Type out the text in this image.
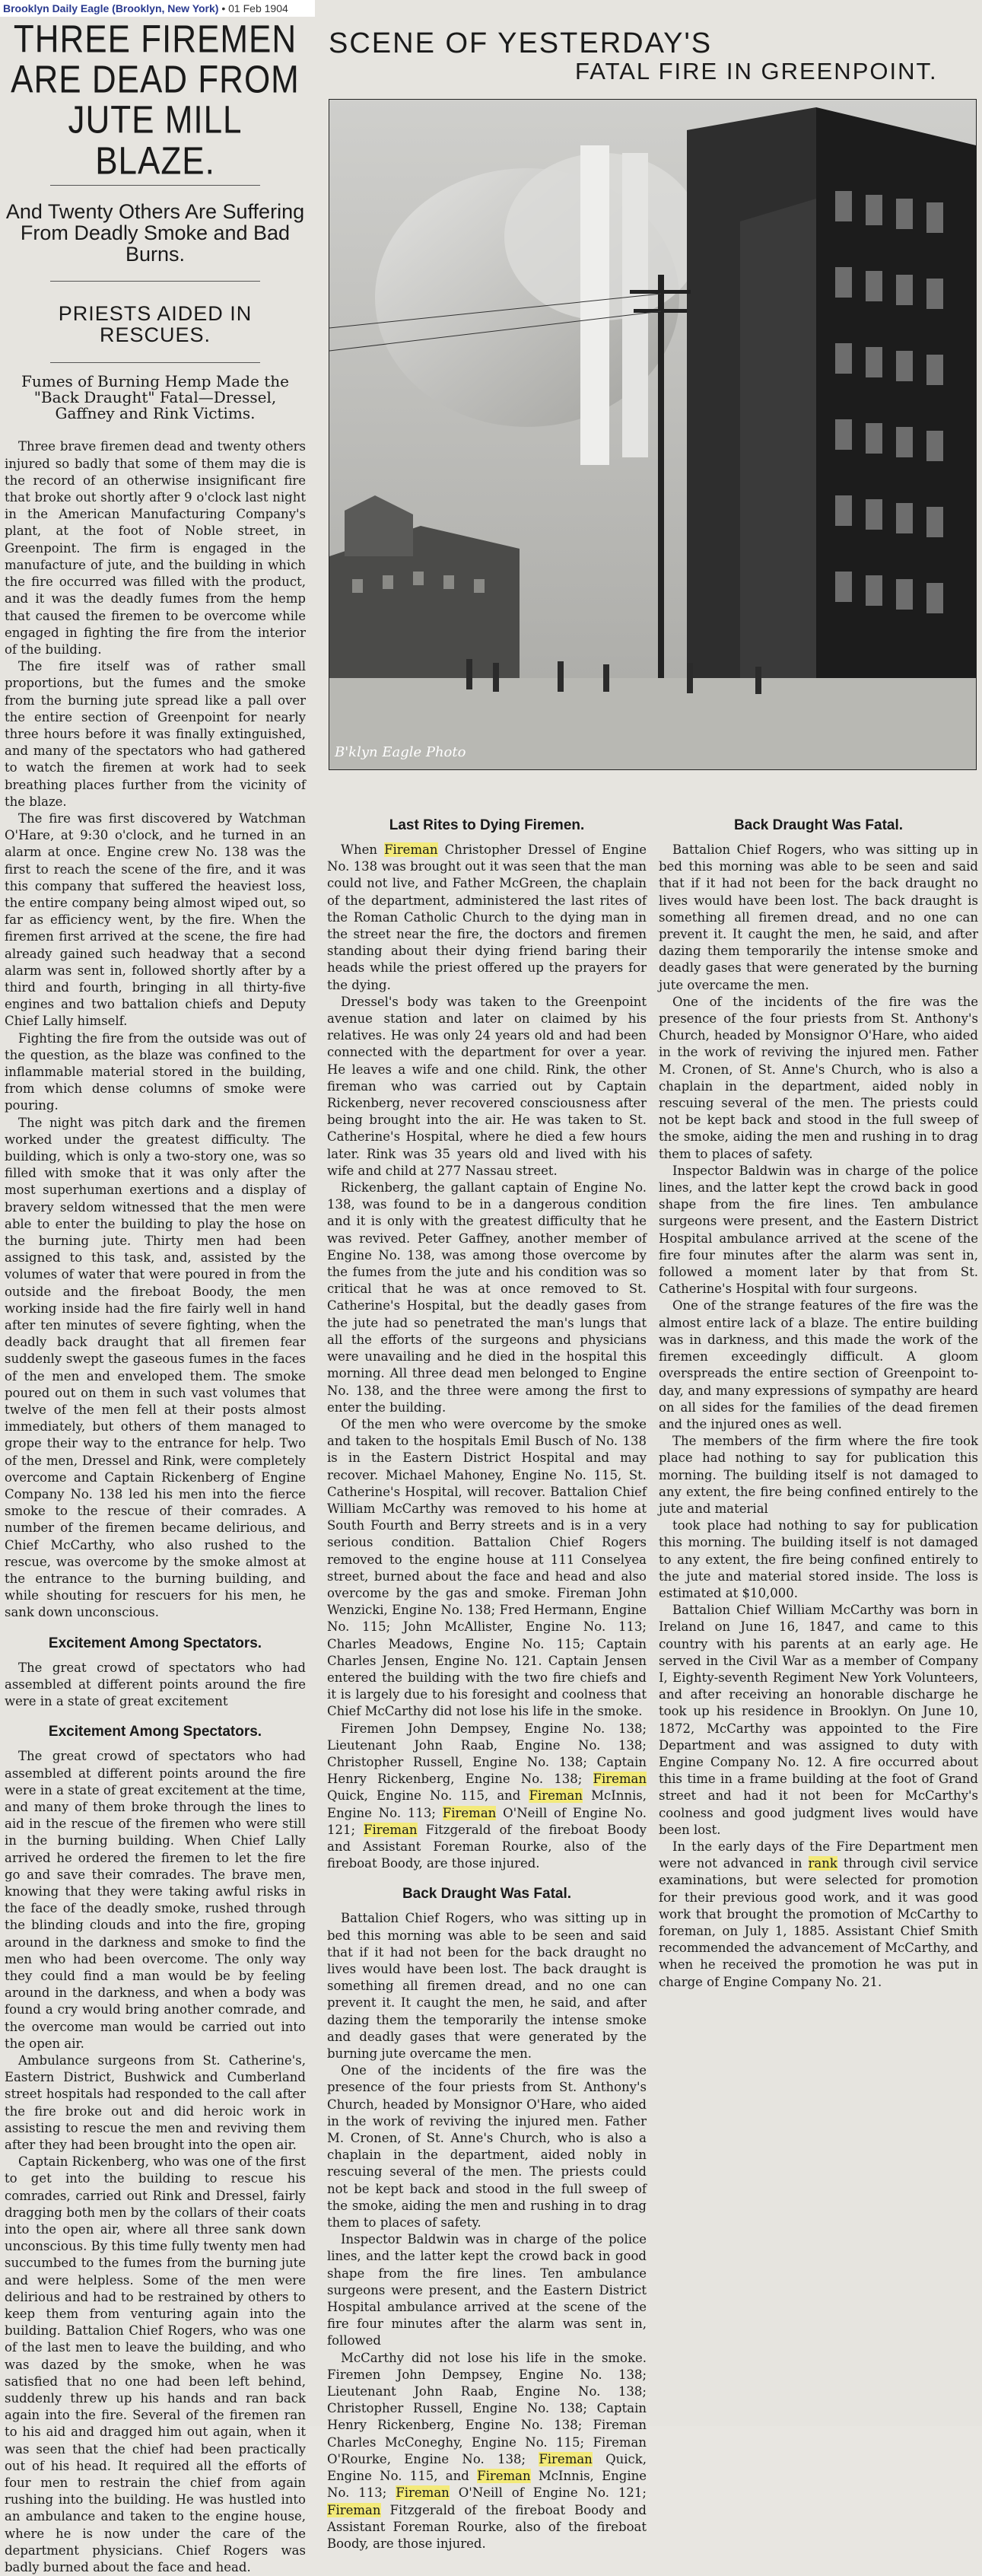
Brooklyn Daily Eagle (Brooklyn, New York) • 01 Feb 1904
THREE FIREMEN ARE DEAD FROM JUTE MILL BLAZE.
And Twenty Others Are Suffering From Deadly Smoke and Bad Burns.
PRIESTS AIDED IN RESCUES.
Fumes of Burning Hemp Made the "Back Draught" Fatal—Dressel, Gaffney and Rink Victims.

Three brave firemen dead and twenty others injured so badly that some of them may die is the record of an otherwise insignificant fire that broke out shortly after 9 o'clock last night in the American Manufacturing Company's plant, at the foot of Noble street, in Greenpoint. The firm is engaged in the manufacture of jute, and the building in which the fire occurred was filled with the product, and it was the deadly fumes from the hemp that caused the firemen to be overcome while engaged in fighting the fire from the interior of the building.

The fire itself was of rather small proportions, but the fumes and the smoke from the burning jute spread like a pall over the entire section of Greenpoint for nearly three hours before it was finally extinguished, and many of the spectators who had gathered to watch the firemen at work had to seek breathing places further from the vicinity of the blaze.

The fire was first discovered by Watchman O'Hare, at 9:30 o'clock, and he turned in an alarm at once. Engine crew No. 138 was the first to reach the scene of the fire, and it was this company that suffered the heaviest loss, the entire company being almost wiped out, so far as efficiency went, by the fire. When the firemen first arrived at the scene, the fire had already gained such headway that a second alarm was sent in, followed shortly after by a third and fourth, bringing in all thirty-five engines and two battalion chiefs and Deputy Chief Lally himself.

Fighting the fire from the outside was out of the question, as the blaze was confined to the inflammable material stored in the building, from which dense columns of smoke were pouring.

The night was pitch dark and the firemen worked under the greatest difficulty. The building, which is only a two-story one, was so filled with smoke that it was only after the most superhuman exertions and a display of bravery seldom witnessed that the men were able to enter the building to play the hose on the burning jute. Thirty men had been assigned to this task, and, assisted by the volumes of water that were poured in from the outside and the fireboat Boody, the men working inside had the fire fairly well in hand after ten minutes of severe fighting, when the deadly back draught that all firemen fear suddenly swept the gaseous fumes in the faces of the men and enveloped them. The smoke poured out on them in such vast volumes that twelve of the men fell at their posts almost immediately, but others of them managed to grope their way to the entrance for help. Two of the men, Dressel and Rink, were completely overcome and Captain Rickenberg of Engine Company No. 138 led his men into the fierce smoke to the rescue of their comrades. A number of the firemen became delirious, and Chief McCarthy, who also rushed to the rescue, was overcome by the smoke almost at the entrance to the burning building, and while shouting for rescuers for his men, he sank down unconscious.

Excitement Among Spectators.

The great crowd of spectators who had assembled at different points around the fire were in a state of great excitement

Excitement Among Spectators.

The great crowd of spectators who had assembled at different points around the fire were in a state of great excitement at the time, and many of them broke through the lines to aid in the rescue of the firemen who were still in the burning building. When Chief Lally arrived he ordered the firemen to let the fire go and save their comrades. The brave men, knowing that they were taking awful risks in the face of the deadly smoke, rushed through the blinding clouds and into the fire, groping around in the darkness and smoke to find the men who had been overcome. The only way they could find a man would be by feeling around in the darkness, and when a body was found a cry would bring another comrade, and the overcome man would be carried out into the open air.

Ambulance surgeons from St. Catherine's, Eastern District, Bushwick and Cumberland street hospitals had responded to the call after the fire broke out and did heroic work in assisting to rescue the men and reviving them after they had been brought into the open air.

Captain Rickenberg, who was one of the first to get into the building to rescue his comrades, carried out Rink and Dressel, fairly dragging both men by the collars of their coats into the open air, where all three sank down unconscious. By this time fully twenty men had succumbed to the fumes from the burning jute and were helpless. Some of the men were delirious and had to be restrained by others to keep them from venturing again into the building. Battalion Chief Rogers, who was one of the last men to leave the building, and who was dazed by the smoke, when he was satisfied that no one had been left behind, suddenly threw up his hands and ran back again into the fire. Several of the firemen ran to his aid and dragged him out again, when it was seen that the chief had been practically out of his head. It required all the efforts of four men to restrain the chief from again rushing into the building. He was hustled into an ambulance and taken to the engine house, where he is now under the care of the department physicians. Chief Rogers was badly burned about the face and head.

SCENE OF YESTERDAY'S
FATAL FIRE IN GREENPOINT.
B'klyn Eagle Photo
Last Rites to Dying Firemen.

When Fireman Christopher Dressel of Engine No. 138 was brought out it was seen that the man could not live, and Father McGreen, the chaplain of the department, administered the last rites of the Roman Catholic Church to the dying man in the street near the fire, the doctors and firemen standing about their dying friend baring their heads while the priest offered up the prayers for the dying.

Dressel's body was taken to the Greenpoint avenue station and later on claimed by his relatives. He was only 24 years old and had been connected with the department for over a year. He leaves a wife and one child. Rink, the other fireman who was carried out by Captain Rickenberg, never recovered consciousness after being brought into the air. He was taken to St. Catherine's Hospital, where he died a few hours later. Rink was 35 years old and lived with his wife and child at 277 Nassau street.

Rickenberg, the gallant captain of Engine No. 138, was found to be in a dangerous condition and it is only with the greatest difficulty that he was revived. Peter Gaffney, another member of Engine No. 138, was among those overcome by the fumes from the jute and his condition was so critical that he was at once removed to St. Catherine's Hospital, but the deadly gases from the jute had so penetrated the man's lungs that all the efforts of the surgeons and physicians were unavailing and he died in the hospital this morning. All three dead men belonged to Engine No. 138, and the three were among the first to enter the building.

Of the men who were overcome by the smoke and taken to the hospitals Emil Busch of No. 138 is in the Eastern District Hospital and may recover. Michael Mahoney, Engine No. 115, St. Catherine's Hospital, will recover. Battalion Chief William McCarthy was removed to his home at South Fourth and Berry streets and is in a very serious condition. Battalion Chief Rogers removed to the engine house at 111 Conselyea street, burned about the face and head and also overcome by the gas and smoke. Fireman John Wenzicki, Engine No. 138; Fred Hermann, Engine No. 115; John McAllister, Engine No. 113; Charles Meadows, Engine No. 115; Captain Charles Jensen, Engine No. 121. Captain Jensen entered the building with the two fire chiefs and it is largely due to his foresight and coolness that Chief McCarthy did not lose his life in the smoke.

Firemen John Dempsey, Engine No. 138; Lieutenant John Raab, Engine No. 138; Christopher Russell, Engine No. 138; Captain Henry Rickenberg, Engine No. 138; Fireman Quick, Engine No. 115, and Fireman McInnis, Engine No. 113; Fireman O'Neill of Engine No. 121; Fireman Fitzgerald of the fireboat Boody and Assistant Foreman Rourke, also of the fireboat Boody, are those injured.

Back Draught Was Fatal.

Battalion Chief Rogers, who was sitting up in bed this morning was able to be seen and said that if it had not been for the back draught no lives would have been lost. The back draught is something all firemen dread, and no one can prevent it. It caught the men, he said, and after dazing them the temporarily the intense smoke and deadly gases that were generated by the burning jute overcame the men.

One of the incidents of the fire was the presence of the four priests from St. Anthony's Church, headed by Monsignor O'Hare, who aided in the work of reviving the injured men. Father M. Cronen, of St. Anne's Church, who is also a chaplain in the department, aided nobly in rescuing several of the men. The priests could not be kept back and stood in the full sweep of the smoke, aiding the men and rushing in to drag them to places of safety.

Inspector Baldwin was in charge of the police lines, and the latter kept the crowd back in good shape from the fire lines. Ten ambulance surgeons were present, and the Eastern District Hospital ambulance arrived at the scene of the fire four minutes after the alarm was sent in, followed

McCarthy did not lose his life in the smoke. Firemen John Dempsey, Engine No. 138; Lieutenant John Raab, Engine No. 138; Christopher Russell, Engine No. 138; Captain Henry Rickenberg, Engine No. 138; Fireman Charles McConeghy, Engine No. 115; Fireman O'Rourke, Engine No. 138; Fireman Quick, Engine No. 115, and Fireman McInnis, Engine No. 113; Fireman O'Neill of Engine No. 121; Fireman Fitzgerald of the fireboat Boody and Assistant Foreman Rourke, also of the fireboat Boody, are those injured.

Back Draught Was Fatal.

Battalion Chief Rogers, who was sitting up in bed this morning was able to be seen and said that if it had not been for the back draught no lives would have been lost. The back draught is something all firemen dread, and no one can prevent it. It caught the men, he said, and after dazing them temporarily the intense smoke and deadly gases that were generated by the burning jute overcame the men.

One of the incidents of the fire was the presence of the four priests from St. Anthony's Church, headed by Monsignor O'Hare, who aided in the work of reviving the injured men. Father M. Cronen, of St. Anne's Church, who is also a chaplain in the department, aided nobly in rescuing several of the men. The priests could not be kept back and stood in the full sweep of the smoke, aiding the men and rushing in to drag them to places of safety.

Inspector Baldwin was in charge of the police lines, and the latter kept the crowd back in good shape from the fire lines. Ten ambulance surgeons were present, and the Eastern District Hospital ambulance arrived at the scene of the fire four minutes after the alarm was sent in, followed a moment later by that from St. Catherine's Hospital with four surgeons.

One of the strange features of the fire was the almost entire lack of a blaze. The entire building was in darkness, and this made the work of the firemen exceedingly difficult. A gloom overspreads the entire section of Greenpoint to-day, and many expressions of sympathy are heard on all sides for the families of the dead firemen and the injured ones as well.

The members of the firm where the fire took place had nothing to say for publication this morning. The building itself is not damaged to any extent, the fire being confined entirely to the jute and material

took place had nothing to say for publication this morning. The building itself is not damaged to any extent, the fire being confined entirely to the jute and material stored inside. The loss is estimated at $10,000.

Battalion Chief William McCarthy was born in Ireland on June 16, 1847, and came to this country with his parents at an early age. He served in the Civil War as a member of Company I, Eighty-seventh Regiment New York Volunteers, and after receiving an honorable discharge he took up his residence in Brooklyn. On June 10, 1872, McCarthy was appointed to the Fire Department and was assigned to duty with Engine Company No. 12. A fire occurred about this time in a frame building at the foot of Grand street and had it not been for McCarthy's coolness and good judgment lives would have been lost.

In the early days of the Fire Department men were not advanced in rank through civil service examinations, but were selected for promotion for their previous good work, and it was good work that brought the promotion of McCarthy to foreman, on July 1, 1885. Assistant Chief Smith recommended the advancement of McCarthy, and when he received the promotion he was put in charge of Engine Company No. 21.
